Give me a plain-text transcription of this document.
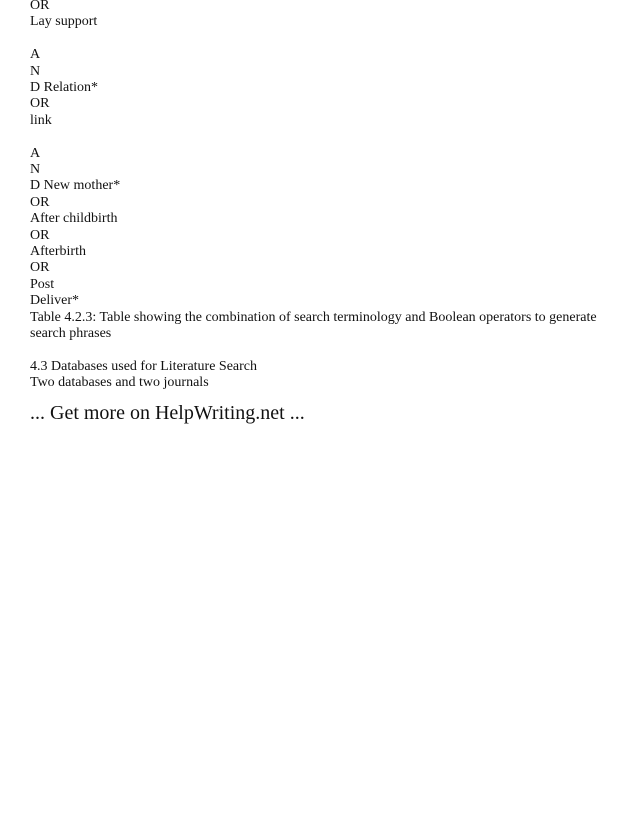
OR
Lay support
A
N
D Relation*
OR
link
A
N
D New mother*
OR
After childbirth
OR
Afterbirth
OR
Post
Deliver*
Table 4.2.3: Table showing the combination of search terminology and Boolean operators to generate search phrases
4.3 Databases used for Literature Search
Two databases and two journals
... Get more on HelpWriting.net ...
